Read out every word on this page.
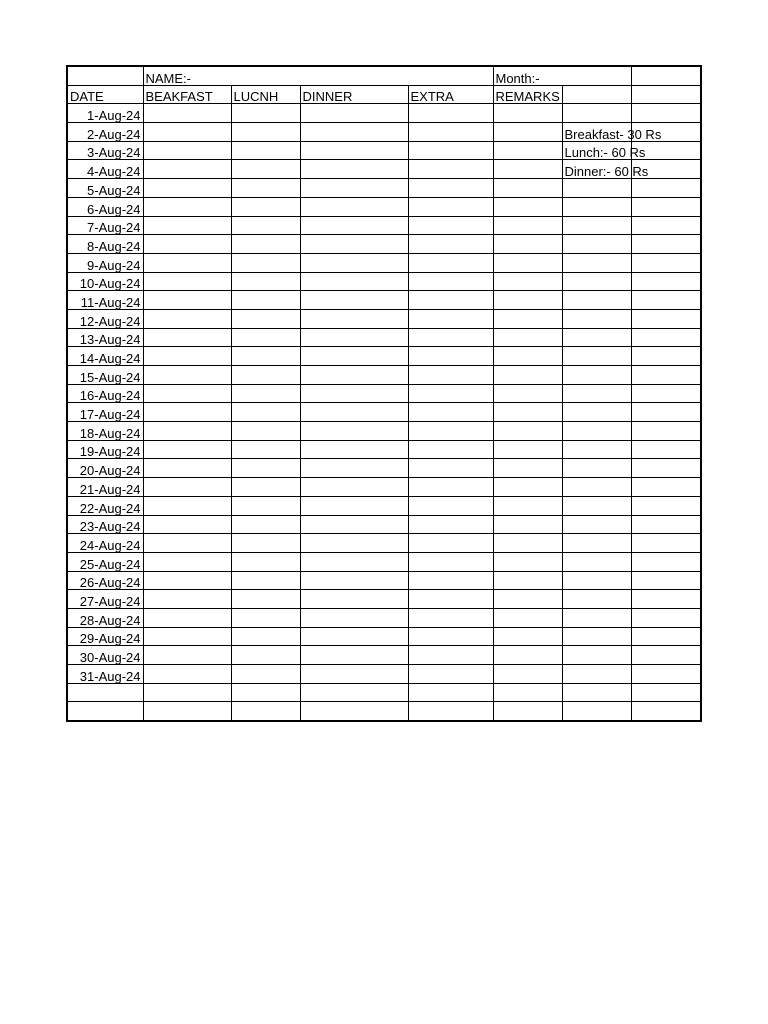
	NAME:-				Month:-		
DATE	BEAKFAST	LUCNH	DINNER	EXTRA	REMARKS		
1-Aug-24							
2-Aug-24						Breakfast- 30 Rs	
3-Aug-24						Lunch:- 60 Rs	
4-Aug-24						Dinner:- 60 Rs	
5-Aug-24							
6-Aug-24							
7-Aug-24							
8-Aug-24							
9-Aug-24							
10-Aug-24							
11-Aug-24							
12-Aug-24							
13-Aug-24							
14-Aug-24							
15-Aug-24							
16-Aug-24							
17-Aug-24							
18-Aug-24							
19-Aug-24							
20-Aug-24							
21-Aug-24							
22-Aug-24							
23-Aug-24							
24-Aug-24							
25-Aug-24							
26-Aug-24							
27-Aug-24							
28-Aug-24							
29-Aug-24							
30-Aug-24							
31-Aug-24							
